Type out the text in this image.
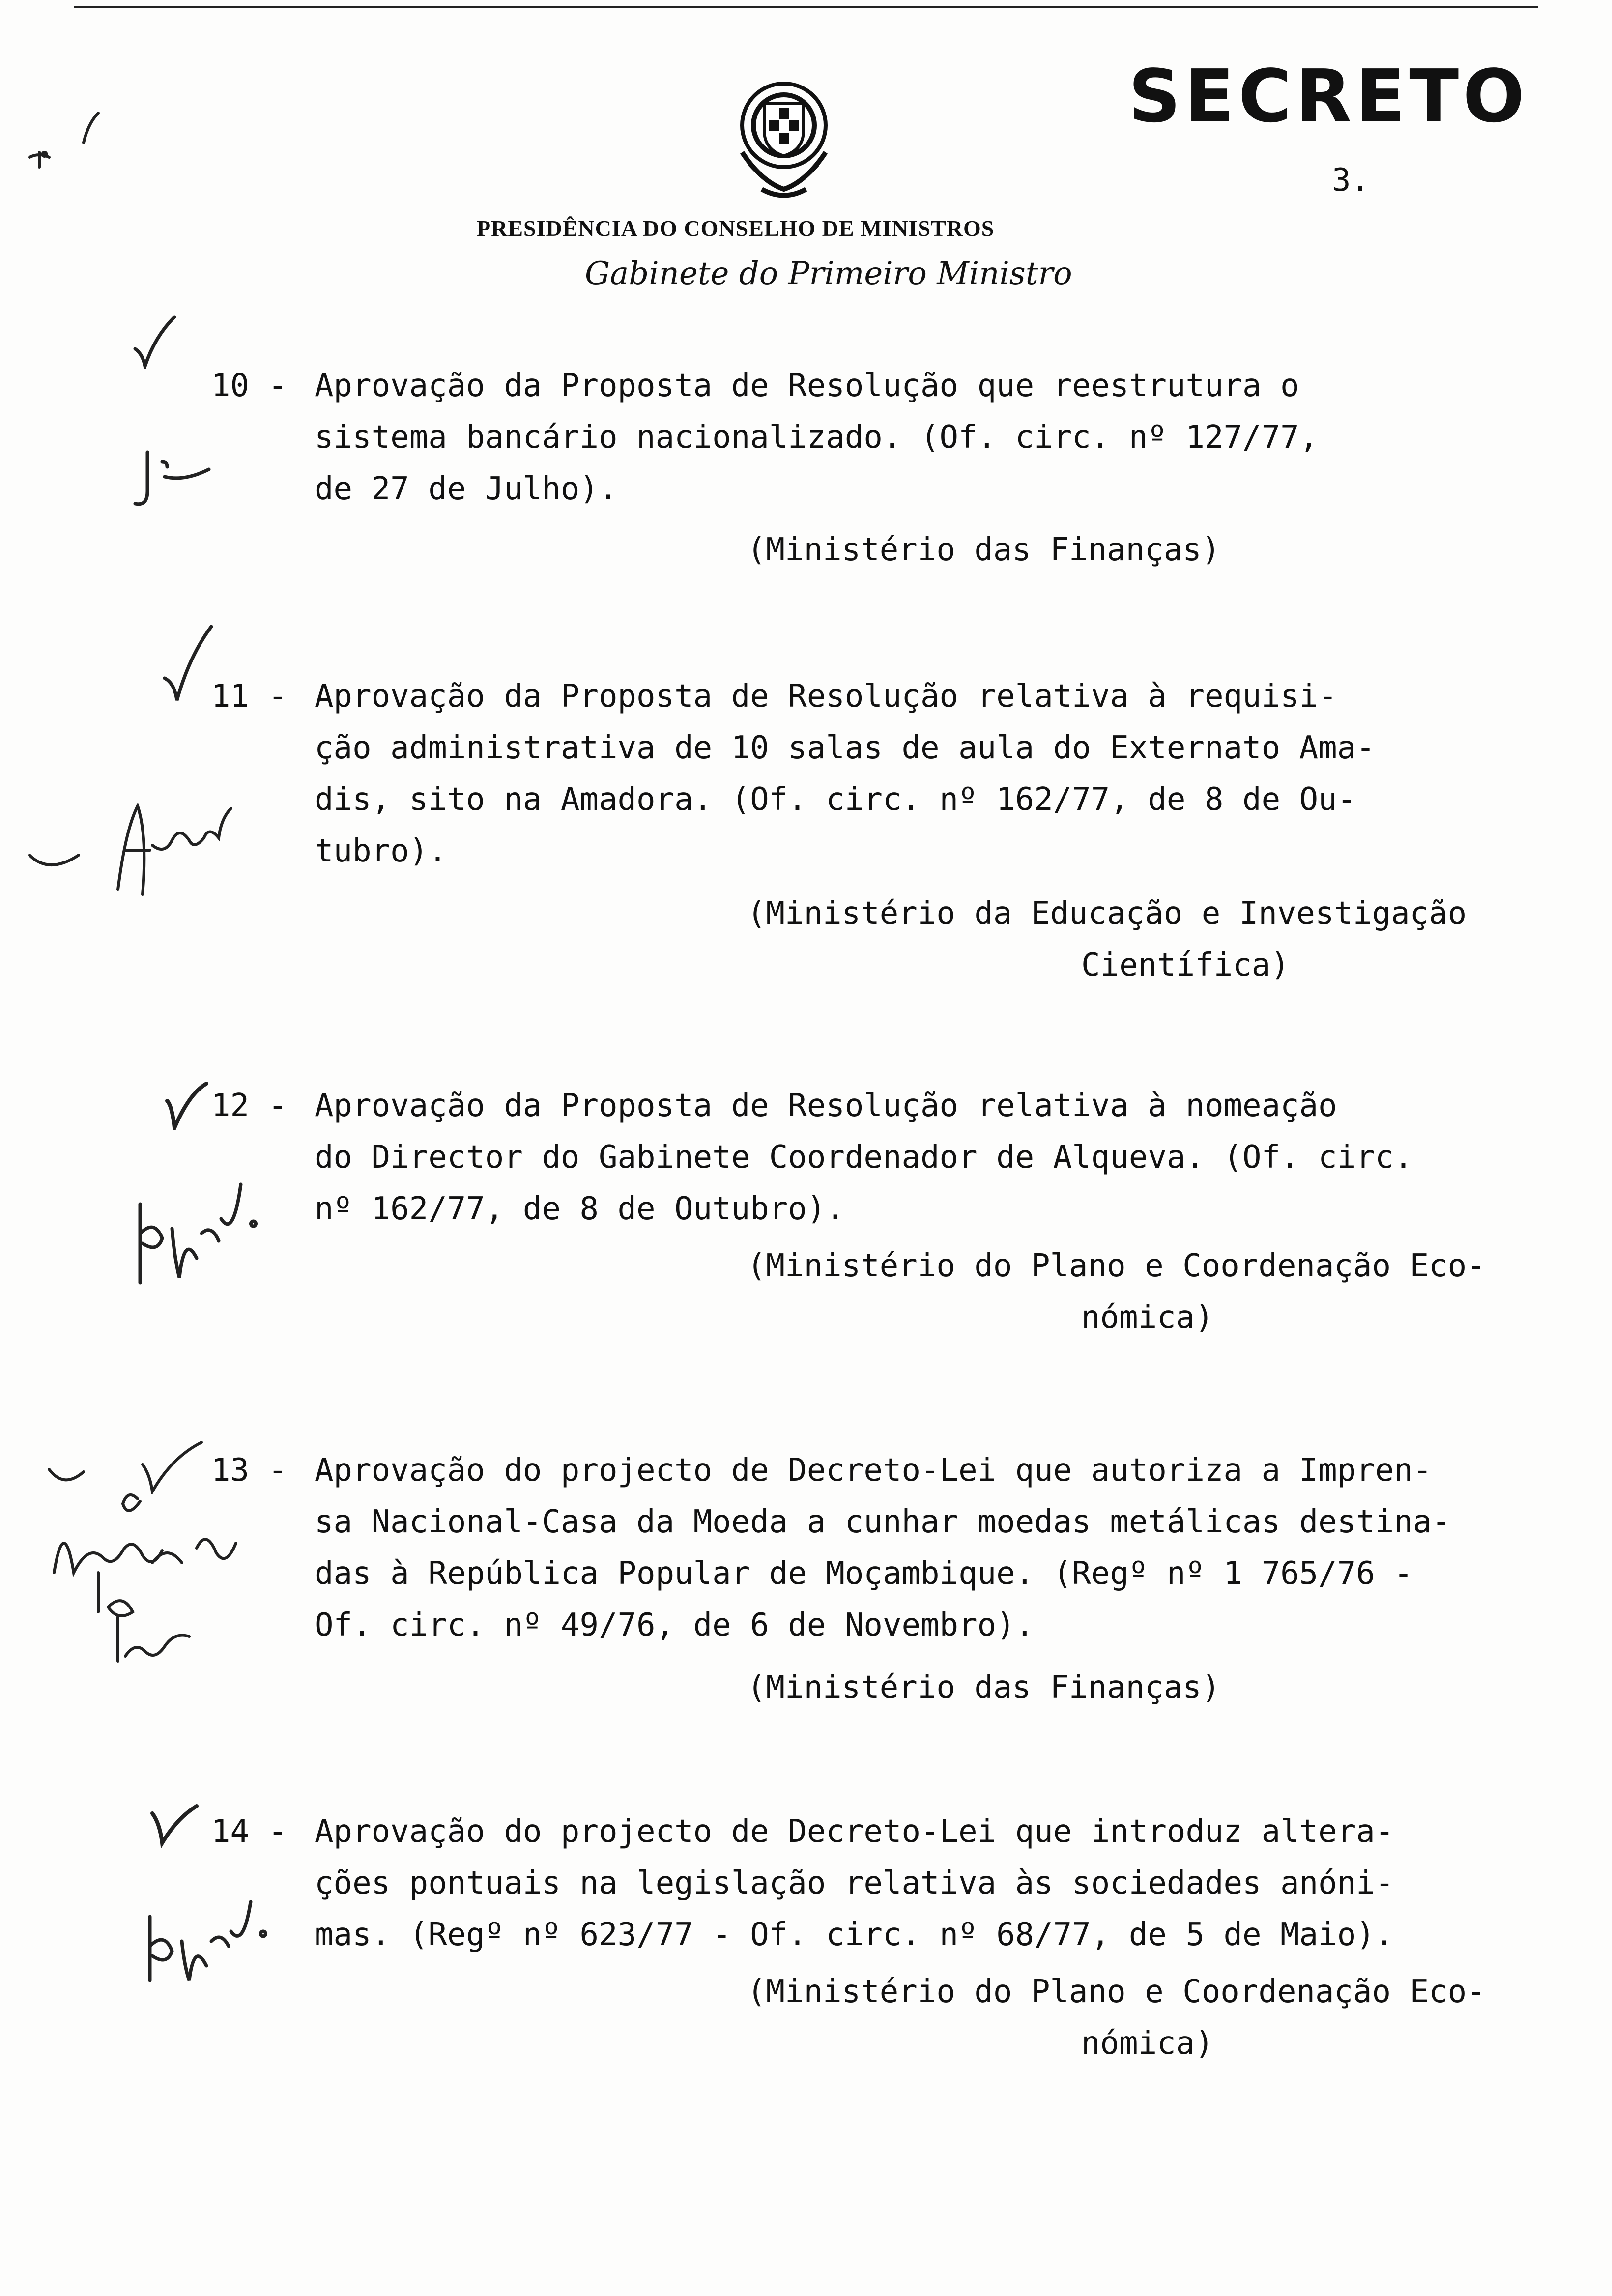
SECRETO
3.
PRESIDÊNCIA DO CONSELHO DE MINISTROS
Gabinete do Primeiro Ministro
10 - Aprovação da Proposta de Resolução que reestrutura o
sistema bancário nacionalizado. (Of. circ. nº 127/77,
de 27 de Julho).
(Ministério das Finanças)
11 - Aprovação da Proposta de Resolução relativa à requisi-
ção administrativa de 10 salas de aula do Externato Ama-
dis, sito na Amadora. (Of. circ. nº 162/77, de 8 de Ou-
tubro).
(Ministério da Educação e Investigação
Científica)
12 - Aprovação da Proposta de Resolução relativa à nomeação
do Director do Gabinete Coordenador de Alqueva. (Of. circ.
nº 162/77, de 8 de Outubro).
(Ministério do Plano e Coordenação Eco-
nómica)
13 - Aprovação do projecto de Decreto-Lei que autoriza a Impren-
sa Nacional-Casa da Moeda a cunhar moedas metálicas destina-
das à República Popular de Moçambique. (Regº nº 1 765/76 -
Of. circ. nº 49/76, de 6 de Novembro).
(Ministério das Finanças)
14 - Aprovação do projecto de Decreto-Lei que introduz altera-
ções pontuais na legislação relativa às sociedades anóni-
mas. (Regº nº 623/77 - Of. circ. nº 68/77, de 5 de Maio).
(Ministério do Plano e Coordenação Eco-
nómica)
